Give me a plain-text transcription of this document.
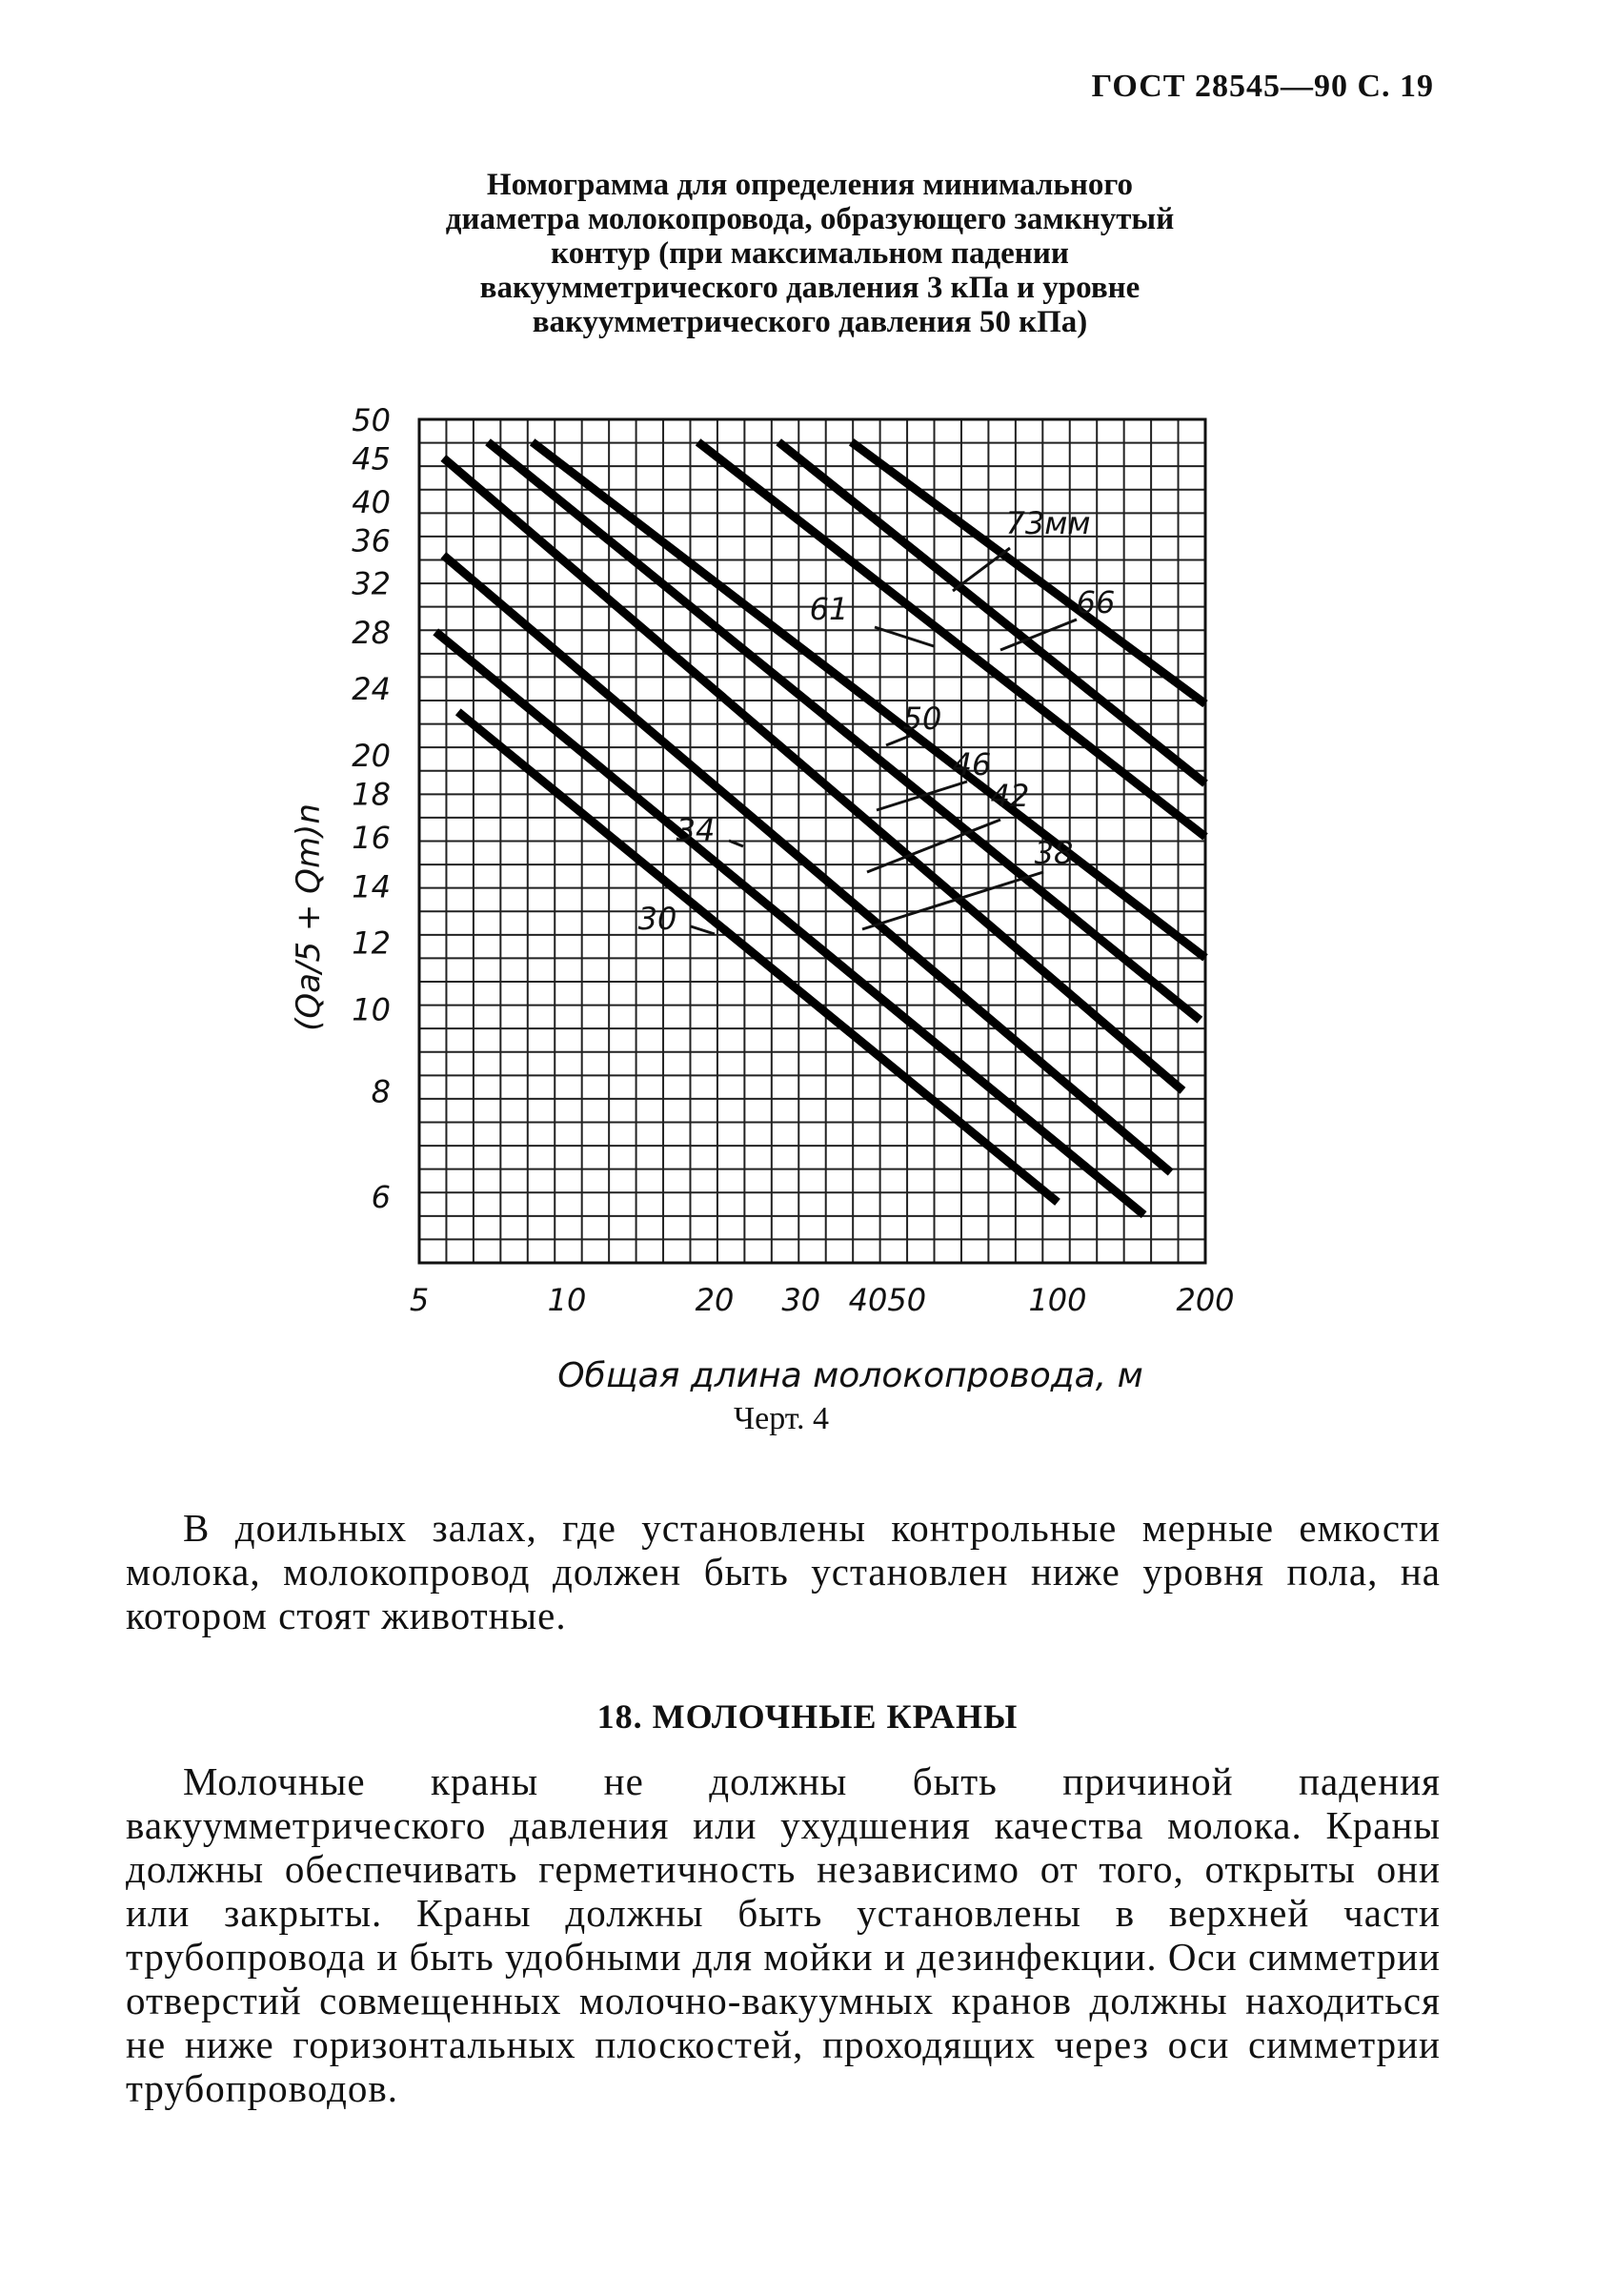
ГОСТ 28545—90 С. 19
Номограмма для определения минимального
диаметра молокопровода, образующего замкнутый
контур (при максимальном падении
вакуумметрического давления 3 кПа и уровне
вакуумметрического давления 50 кПа)
6
8
10
12
14
16
18
20
24
28
32
36
40
45
50
5	10	20 30 4050	100	200
Общая длина молокопровода, м
(Qa/5 + Qm)n
73мм
66
61
50
46
42
38
34
30
Черт. 4
В доильных залах, где установлены контрольные мерные емкости молока, молокопровод должен быть установлен ниже уровня пола, на котором стоят животные.
18. МОЛОЧНЫЕ КРАНЫ
Молочные краны не должны быть причиной падения вакуумметрического давления или ухудшения качества молока. Краны должны обеспечивать герметичность независимо от того, открыты они или закрыты. Краны должны быть установлены в верхней части трубопровода и быть удобными для мойки и дезинфекции. Оси симметрии отверстий совмещенных молочно-вакуумных кранов должны находиться не ниже горизонтальных плоскостей, проходящих через оси симметрии трубопроводов.
